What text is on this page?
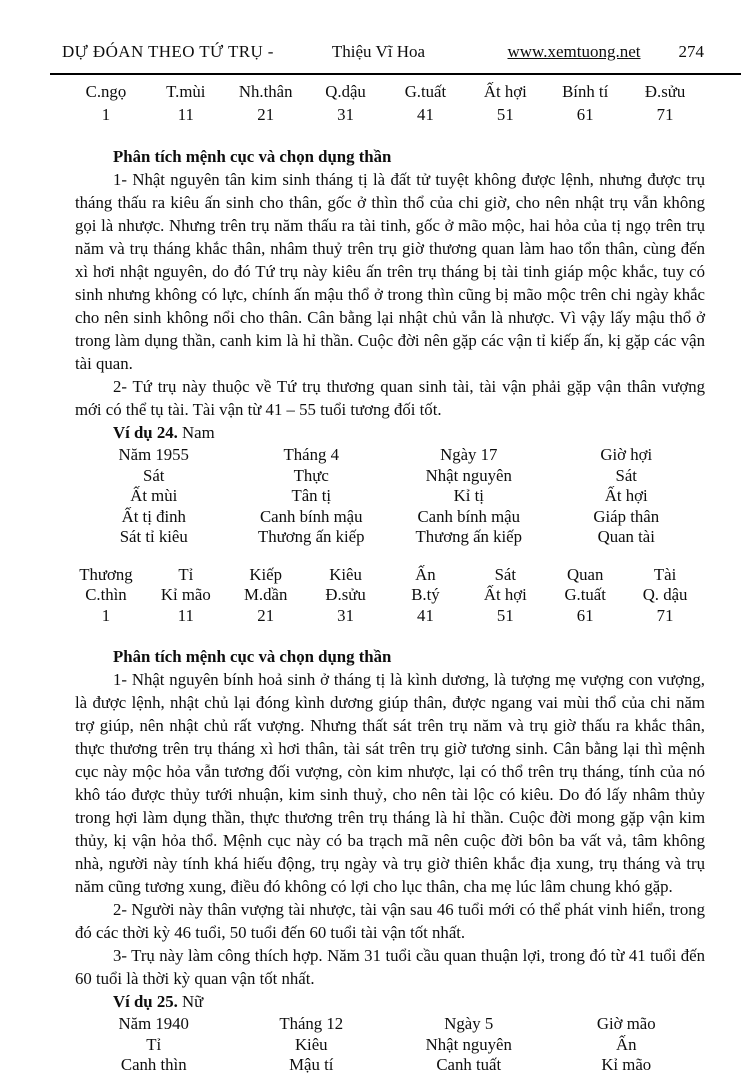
DỰ ĐÓAN THEO TỨ TRỤ -	Thiệu Vĩ Hoa	www.xemtuong.net 274
C.ngọ	T.mùi	Nh.thân	Q.dậu	G.tuất	Ất hợi	Bính tí	Đ.sửu
1	11	21	31	41	51	61	71
Phân tích mệnh cục và chọn dụng thần
1- Nhật nguyên tân kim sinh tháng tị là đất tử tuyệt không được lệnh, nhưng được trụ tháng thấu ra kiêu ấn sinh cho thân, gốc ở thìn thổ của chi giờ, cho nên nhật trụ vẫn không gọi là nhược. Nhưng trên trụ năm thấu ra tài tinh, gốc ở mão mộc, hai hỏa của tị ngọ trên trụ năm và trụ tháng khắc thân, nhâm thuỷ trên trụ giờ thương quan làm hao tổn thân, cùng đến xì hơi nhật nguyên, do đó Tứ trụ này kiêu ấn trên trụ tháng bị tài tinh giáp mộc khắc, tuy có sinh nhưng không có lực, chính ấn mậu thổ ở trong thìn cũng bị mão mộc trên chi ngày khắc cho nên sinh không nổi cho thân. Cân bằng lại nhật chủ vẫn là nhược. Vì vậy lấy mậu thổ ở trong làm dụng thần, canh kim là hỉ thần. Cuộc đời nên gặp các vận tỉ kiếp ấn, kị gặp các vận tài quan.
2- Tứ trụ này thuộc về Tứ trụ thương quan sinh tài, tài vận phải gặp vận thân vượng mới có thể tụ tài. Tài vận từ 41 – 55 tuổi tương đối tốt.
Ví dụ 24. Nam
Năm 1955	Tháng 4	Ngày 17	Giờ hợi
Sát	Thực	Nhật nguyên	Sát
Ất mùi	Tân tị	Kỉ tị	Ất hợi
Ất tị đinh	Canh bính mậu	Canh bính mậu	Giáp thân
Sát tỉ kiêu	Thương ấn kiếp	Thương ấn kiếp	Quan tài
Thương	Tỉ	Kiếp	Kiêu	Ấn	Sát	Quan	Tài
C.thìn	Kỉ mão	M.dần	Đ.sửu	B.tý	Ất hợi	G.tuất	Q. dậu
1	11	21	31	41	51	61	71
Phân tích mệnh cục và chọn dụng thần
1- Nhật nguyên bính hoả sinh ở tháng tị là kình dương, là tượng mẹ vượng con vượng, là được lệnh, nhật chủ lại đóng kình dương giúp thân, được ngang vai mùi thổ của chi năm trợ giúp, nên nhật chủ rất vượng. Nhưng thất sát trên trụ năm và trụ giờ thấu ra khắc thân, thực thương trên trụ tháng xì hơi thân, tài sát trên trụ giờ tương sinh. Cân bằng lại thì mệnh cục này mộc hỏa vẫn tương đối vượng, còn kim nhược, lại có thổ trên trụ tháng, tính của nó khô táo được thủy tưới nhuận, kim sinh thuỷ, cho nên tài lộc có kiêu. Do đó lấy nhâm thủy trong hợi làm dụng thần, thực thương trên trụ tháng là hỉ thần. Cuộc đời mong gặp vận kim thủy, kị vận hỏa thổ. Mệnh cục này có ba trạch mã nên cuộc đời bôn ba vất vả, tâm không nhà, người này tính khá hiếu động, trụ ngày và trụ giờ thiên khắc địa xung, trụ tháng và trụ năm cũng tương xung, điều đó không có lợi cho lục thân, cha mẹ lúc lâm chung khó gặp.
2- Người này thân vượng tài nhược, tài vận sau 46 tuổi mới có thể phát vinh hiển, trong đó các thời kỳ 46 tuổi, 50 tuổi đến 60 tuổi tài vận tốt nhất.
3- Trụ này làm công thích hợp. Năm 31 tuổi cầu quan thuận lợi, trong đó từ 41 tuổi đến 60 tuổi là thời kỳ quan vận tốt nhất.
Ví dụ 25. Nữ
Năm 1940	Tháng 12	Ngày 5	Giờ mão
Tỉ	Kiêu	Nhật nguyên	Ấn
Canh thìn	Mậu tí	Canh tuất	Kỉ mão
